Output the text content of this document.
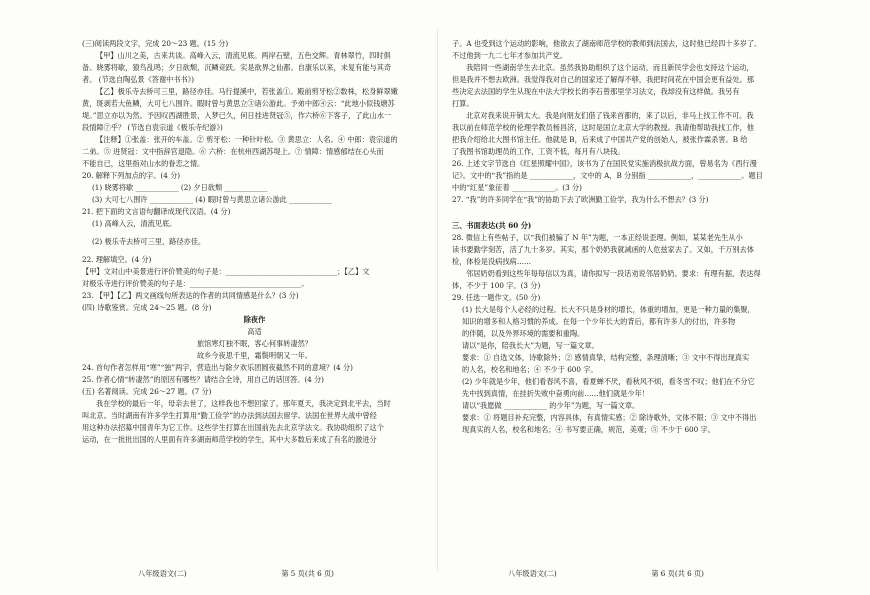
(三)阅读两段文字，完成 20～23 题。(15 分)
【甲】山川之美，古来共谈。高峰入云，清流见底。两岸石壁，五色交辉。青林翠竹，四时俱
备。晓雾将歇，猿鸟乱鸣；夕日欲颓，沉鳞竞跃。实是欲界之仙都。自康乐以来，未复有能与其奇
者。 (节选自陶弘景《答谢中书书》)
【乙】极乐寺去桥可三里，路径亦佳。马行提溪中，若张盖①。殿前剪牙松②数株，松身鲜翠嫩
黄，斑剥若大鱼鳞，大可七八围许。暇时曾与黄思立③诸公游此。予弟中郎④云：“此地小似钱塘苏
堤。”思立亦以为然。予因叹西湖胜景，入梦已久，何日挂进贤冠⑤，作六桥⑥下客子，了此山水一
段情障⑦乎？ (节选自袁宗道《极乐寺纪游》)
【注释】①张盖：张开的车盖。② 剪牙松：一种针叶松。③ 黄思立：人名。④ 中郎：袁宗道的
二弟。⑤ 进贤冠：文中指辞官退隐。⑥ 六桥：在杭州西湖苏堤上。⑦ 情障：情感郁结在心头而
不能自已，这里指对山水的眷恋之情。
20. 解释下列加点的字。(4 分)
(1) 晓雾将歇 ____________ (2) 夕日欲颓 ____________
(3) 大可七八围许 ____________ (4) 暇时曾与黄思立诸公游此 ____________
21. 把下面的文言语句翻译成现代汉语。(4 分)
(1) 高峰入云，清流见底。
(2) 极乐寺去桥可三里，路径亦佳。
22. 理解填空。(4 分)
【甲】文对山中美景进行评价赞美的句子是：_______________________________；【乙】文
对极乐寺进行评价赞美的句子是：_______________________________。
23. 【甲】【乙】两文画线句所表达的作者的共同情感是什么？(3 分)
(四) 诗歌鉴赏。完成 24～25 题。(8 分)
除夜作
高适
旅馆寒灯独不眠，客心何事转凄然？
故乡今夜思千里，霜鬓明朝又一年。
24. 首句作者怎样用“寒”“独”两字，营造出与除夕欢乐团圆夜截然不同的意境？(4 分)
25. 作者心情“转凄然”的原因有哪些？请结合全诗，用自己的话回答。(4 分)
(五) 名著阅读。完成 26～27 题。(7 分)
我在学校的最后一年，母亲去世了，这样我也不想回家了。那年夏天，我决定到北平去，当时
叫北京。当时湖南有许多学生打算用“勤工俭学”的办法到法国去留学。法国在世界大战中曾经
用这种办法招募中国青年为它工作。这些学生打算在出国前先去北京学法文。我协助组织了这个
运动，在一批批出国的人里面有许多湖南师范学校的学生，其中大多数后来成了有名的激进分
子。A 也受到这个运动的影响，他欲去了湖南师范学校的教师到法国去，这时他已经四十多岁了。
不过他到一九二七年才参加共产党。
我陪同一些湖南学生去北京。虽然我协助组织了这个运动，而且新民学会也支持这个运动，
但是我并不想去欧洲。我觉得我对自己的国家还了解得不够，我把时间花在中国会更有益处。那
些决定去法国的学生从现在中法大学校长的李石曾那里学习法文，我却没有这样做。我另有
打算。
北京对我来说开销太大。我是向朋友们借了钱来首都的，来了以后，非马上找工作不可。我
我以前在师范学校的伦理学教员杨昌济，这时是国立北京大学的教授。我请他帮助我找工作，他
把我介绍给北大图书馆主任。他就是 B，后来成了中国共产党的创始人，被张作霖杀害。B 给
了我图书馆助理员的工作，工资不低，每月有八块钱。
26. 上述文字节选自《红星照耀中国》，该书为了在国民党实施消极抗战方面，曾易名为《西行漫
记》。文中的“我”指的是 ____________，文中的 A，B 分别指 ____________，____________。题目
中的“红星”象征着 ____________。(3 分)
27. “我”的许多同学在“我”的协助下去了欧洲勤工俭学，我为什么不想去？(3 分)
三、书面表达(共 60 分)
28. 微信上有些帖子，以“我们被骗了 N 年”为题，一本正经说歪理。例如，某某老先生从小
读书要勤学刻苦，活了九十多岁。其实，那个奶奶我就减函的人危兹家去了。又如，千万别去体
检，体检是没病找病……
邻居奶奶看到这些年每每信以为真，请你拟写一段话劝说邻居奶奶。要求：有理有据，表达得
体，不少于 100 字。(3 分)
29. 任选一题作文。(50 分)
(1) 长大是每个人必经的过程。长大不只是身材的增长，体重的增加，更是一种力量的集聚，
知识的增多和人格习惯的养成。在每一个少年长大的背后，都有许多人的付出，许多物
的伴随，以及外界环境的需要和重陶。
请以“是你，陪我长大”为题，写一篇文章。
要求：① 自选文体，诗歌除外；② 感情真挚，结构完整，条理清晰；③ 文中不得出现真实
的人名，校名和地名；④ 不少于 600 字。
(2) 少年就是少年，他们看春风不喜，看夏蝉不厌，看秋风不烦，看冬雪不叹；他们在不分它
先中找到真情，在挂折失败中奋勇向前……他们就是少年！
请以“我愿做 ____________ 的少年”为题，写一篇文章。
要求：① 将题目补充完整，内容具体，有真情实感；② 除诗歌外，文体不限；③ 文中不得出
现真实的人名，校名和地名；④ 书写要正确，规范，美观；⑤ 不少于 600 字。
八年级语文(二)	第 5 页(共 6 页)	八年级语文(二)	第 6 页(共 6 页)
